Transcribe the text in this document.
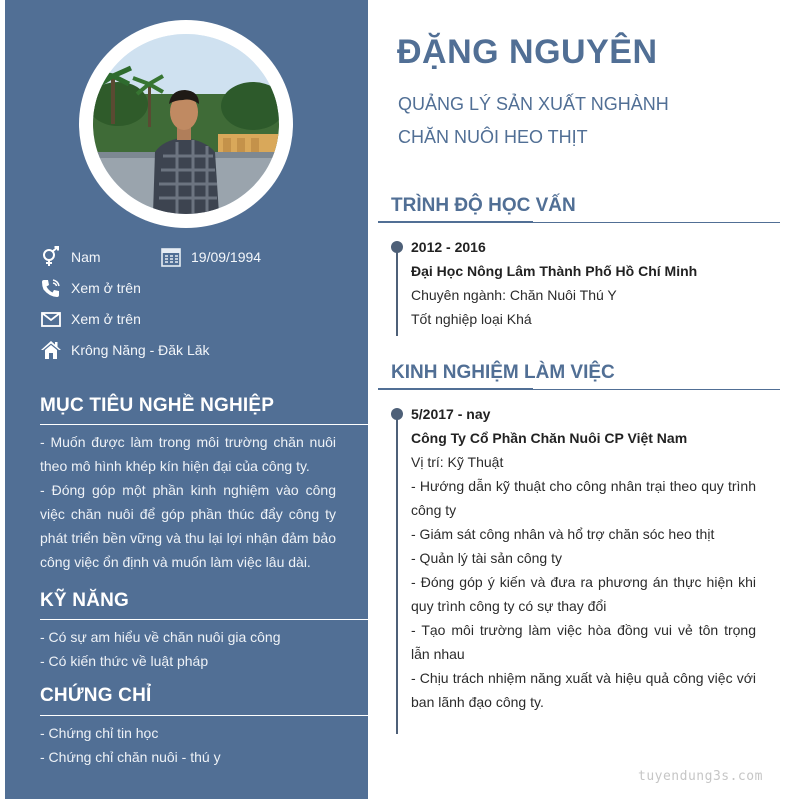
Nam	19/09/1994
Xem ở trên
Xem ở trên
Krông Năng - Đăk Lăk
MỤC TIÊU NGHỀ NGHIỆP
- Muốn được làm trong môi trường chăn nuôi theo mô hình khép kín hiện đại của công ty.
- Đóng góp một phần kinh nghiệm vào công việc chăn nuôi để góp phần thúc đẩy công ty phát triển bền vững và thu lại lợi nhận đảm bảo công việc ổn định và muốn làm việc lâu dài.
KỸ NĂNG
- Có sự am hiểu về chăn nuôi gia công
- Có kiến thức về luật pháp
CHỨNG CHỈ
- Chứng chỉ tin học
- Chứng chỉ chăn nuôi - thú y
ĐẶNG NGUYÊN
QUẢNG LÝ SẢN XUẤT NGHÀNH
CHĂN NUÔI HEO THỊT
TRÌNH ĐỘ HỌC VẤN
2012 - 2016
Đại Học Nông Lâm Thành Phố Hồ Chí Minh
Chuyên ngành: Chăn Nuôi Thú Y
Tốt nghiệp loại Khá
KINH NGHIỆM LÀM VIỆC
5/2017 - nay
Công Ty Cổ Phần Chăn Nuôi CP Việt Nam
Vị trí: Kỹ Thuật
- Hướng dẫn kỹ thuật cho công nhân trại theo quy trình công ty
- Giám sát công nhân và hổ trợ chăn sóc heo thịt
- Quản lý tài sản công ty
- Đóng góp ý kiến và đưa ra phương án thực hiện khi quy trình công ty có sự thay đổi
- Tạo môi trường làm việc hòa đồng vui vẻ tôn trọng lẫn nhau
- Chịu trách nhiệm năng xuất và hiệu quả công việc với ban lãnh đạo công ty.
tuyendung3s.com
